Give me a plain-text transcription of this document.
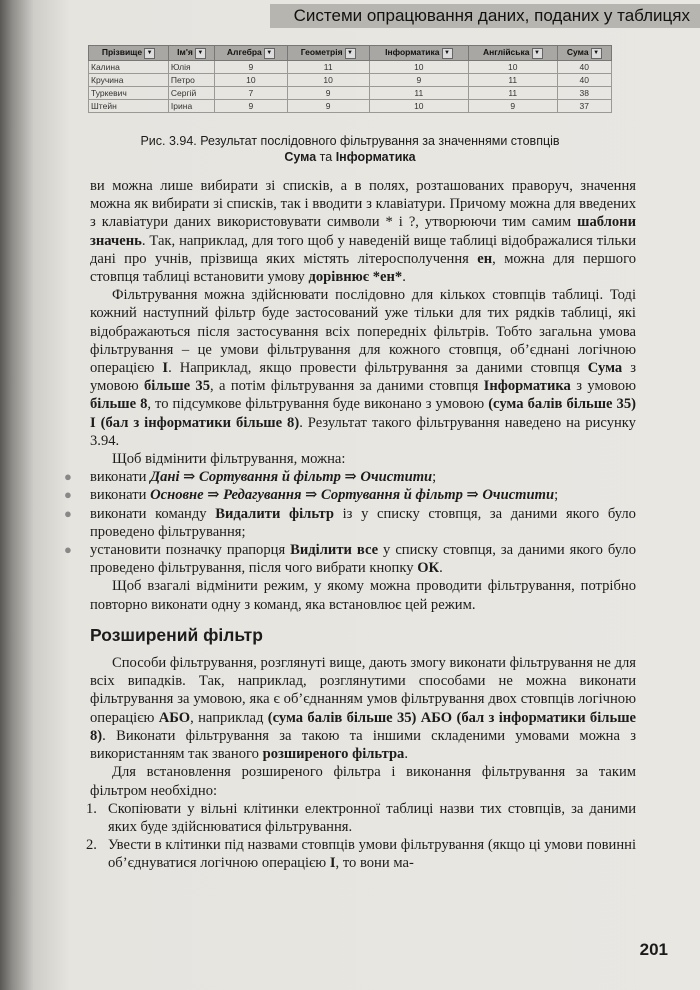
Системи опрацювання даних, поданих у таблицях
Прізвище ▼	Ім'я ▼	Алгебра ▼	Геометрія ▼	Інформатика ▼	Англійська ▼	Сума ▼
Калина	Юлія	9	11	10	10	40
Кручина	Петро	10	10	9	11	40
Туркевич	Сергій	7	9	11	11	38
Штейн	Ірина	9	9	10	9	37
Рис. 3.94. Результат послідовного фільтрування за значеннями стовпців
Сума та Інформатика

ви можна лише вибирати зі списків, а в полях, розташованих праворуч, значення можна як вибирати зі списків, так і вводити з клавіатури. Причому можна для введених з клавіатури даних використовувати символи * і ?, утворюючи тим самим шаблони значень. Так, наприклад, для того щоб у наведеній вище таблиці відображалися тільки дані про учнів, прізвища яких містять літеросполучення ен, можна для першого стовпця таблиці встановити умову дорівнює *ен*.

Фільтрування можна здійснювати послідовно для кількох стовпців таблиці. Тоді кожний наступний фільтр буде застосований уже тільки для тих рядків таблиці, які відображаються після застосування всіх попередніх фільтрів. Тобто загальна умова фільтрування – це умови фільтрування для кожного стовпця, об’єднані логічною операцією І. Наприклад, якщо провести фільтрування за даними стовпця Сума з умовою більше 35, а потім фільтрування за даними стовпця Інформатика з умовою більше 8, то підсумкове фільтрування буде виконано з умовою (сума балів більше 35) І (бал з інформатики більше 8). Результат такого фільтрування наведено на рисунку 3.94.

Щоб відмінити фільтрування, можна:

● виконати Дані ⇒ Сортування й фільтр ⇒ Очистити;
● виконати Основне ⇒ Редагування ⇒ Сортування й фільтр ⇒ Очистити;
● виконати команду Видалити фільтр із у списку стовпця, за даними якого було проведено фільтрування;
● установити позначку прапорця Виділити все у списку стовпця, за даними якого було проведено фільтрування, після чого вибрати кнопку ОК.

Щоб взагалі відмінити режим, у якому можна проводити фільтрування, потрібно повторно виконати одну з команд, яка встановлює цей режим.

Розширений фільтр

Способи фільтрування, розглянуті вище, дають змогу виконати фільтрування не для всіх випадків. Так, наприклад, розглянутими способами не можна виконати фільтрування за умовою, яка є об’єднанням умов фільтрування двох стовпців логічною операцією АБО, наприклад (сума балів більше 35) АБО (бал з інформатики більше 8). Виконати фільтрування за такою та іншими складеними умовами можна з використанням так званого розширеного фільтра.

Для встановлення розширеного фільтра і виконання фільтрування за таким фільтром необхідно:

1. Скопіювати у вільні клітинки електронної таблиці назви тих стовпців, за даними яких буде здійснюватися фільтрування.
2. Увести в клітинки під назвами стовпців умови фільтрування (якщо ці умови повинні об’єднуватися логічною операцією І, то вони ма-
201
